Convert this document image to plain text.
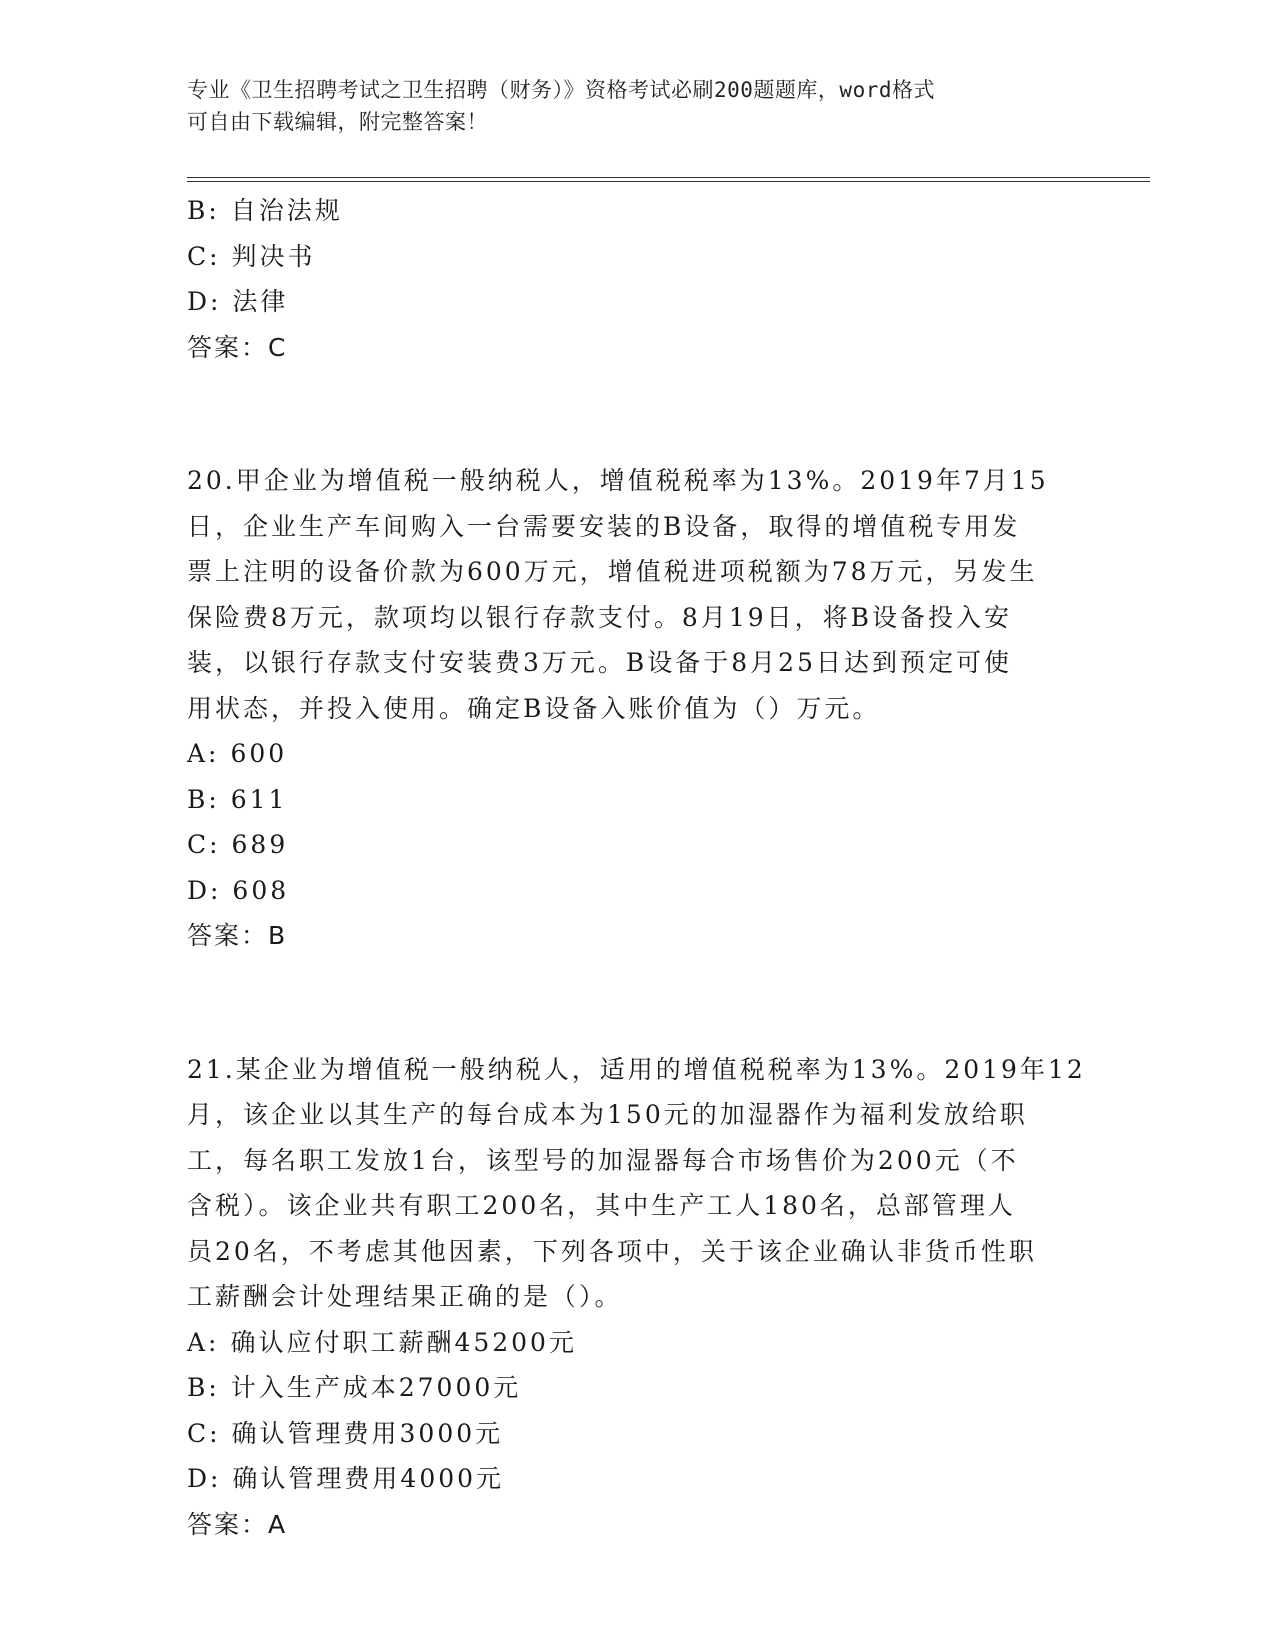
专业《卫生招聘考试之卫生招聘（财务）》资格考试必刷200题题库，word格式
可自由下载编辑，附完整答案！
B: 自治法规
C: 判决书
D: 法律
答案：C
20.甲企业为增值税一般纳税人，增值税税率为13%。2019年7月15
日，企业生产车间购入一台需要安装的B设备，取得的增值税专用发
票上注明的设备价款为600万元，增值税进项税额为78万元，另发生
保险费8万元，款项均以银行存款支付。8月19日，将B设备投入安
装，以银行存款支付安装费3万元。B设备于8月25日达到预定可使
用状态，并投入使用。确定B设备入账价值为（）万元。
A: 600
B: 611
C: 689
D: 608
答案：B
21.某企业为增值税一般纳税人，适用的增值税税率为13%。2019年12
月，该企业以其生产的每台成本为150元的加湿器作为福利发放给职
工，每名职工发放1台，该型号的加湿器每合市场售价为200元（不
含税）。该企业共有职工200名，其中生产工人180名，总部管理人
员20名，不考虑其他因素，下列各项中，关于该企业确认非货币性职
工薪酬会计处理结果正确的是（）。
A: 确认应付职工薪酬45200元
B: 计入生产成本27000元
C: 确认管理费用3000元
D: 确认管理费用4000元
答案：A
